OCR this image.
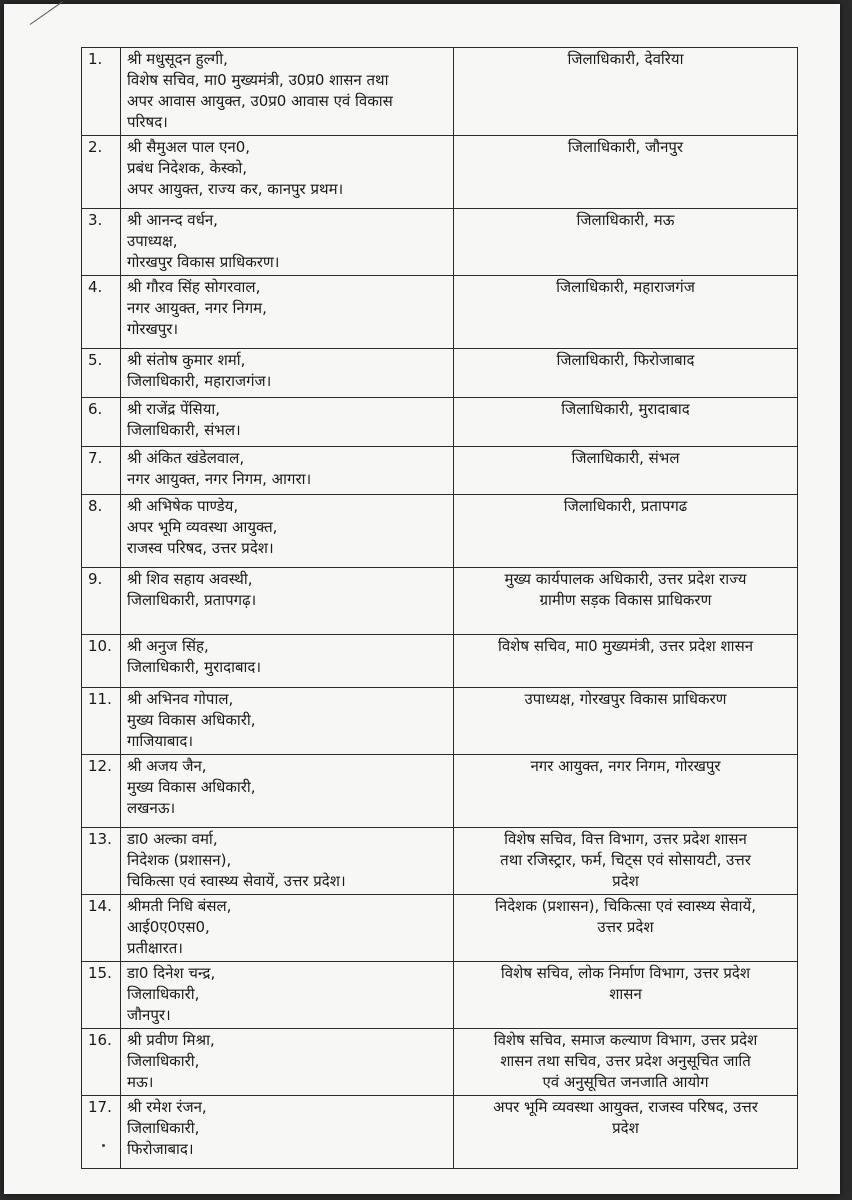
1.	श्री मधुसूदन हुल्गी,
विशेष सचिव, मा0 मुख्यमंत्री, उ0प्र0 शासन तथा
अपर आवास आयुक्त, उ0प्र0 आवास एवं विकास
परिषद।	जिलाधिकारी, देवरिया

2.	श्री सैमुअल पाल एन0,
प्रबंध निदेशक, केस्को,
अपर आयुक्त, राज्य कर, कानपुर प्रथम।	जिलाधिकारी, जौनपुर

3.	श्री आनन्द वर्धन,
उपाध्यक्ष,
गोरखपुर विकास प्राधिकरण।	जिलाधिकारी, मऊ

4.	श्री गौरव सिंह सोगरवाल,
नगर आयुक्त, नगर निगम,
गोरखपुर।	जिलाधिकारी, महाराजगंज

5.	श्री संतोष कुमार शर्मा,
जिलाधिकारी, महाराजगंज।	जिलाधिकारी, फिरोजाबाद

6.	श्री राजेंद्र पेंसिया,
जिलाधिकारी, संभल।	जिलाधिकारी, मुरादाबाद

7.	श्री अंकित खंडेलवाल,
नगर आयुक्त, नगर निगम, आगरा।	जिलाधिकारी, संभल

8.	श्री अभिषेक पाण्डेय,
अपर भूमि व्यवस्था आयुक्त,
राजस्व परिषद, उत्तर प्रदेश।	जिलाधिकारी, प्रतापगढ

9.	श्री शिव सहाय अवस्थी,
जिलाधिकारी, प्रतापगढ़।	मुख्य कार्यपालक अधिकारी, उत्तर प्रदेश राज्य
ग्रामीण सड़क विकास प्राधिकरण

10.	श्री अनुज सिंह,
जिलाधिकारी, मुरादाबाद।	विशेष सचिव, मा0 मुख्यमंत्री, उत्तर प्रदेश शासन

11.	श्री अभिनव गोपाल,
मुख्य विकास अधिकारी,
गाजियाबाद।	उपाध्यक्ष, गोरखपुर विकास प्राधिकरण

12.	श्री अजय जैन,
मुख्य विकास अधिकारी,
लखनऊ।	नगर आयुक्त, नगर निगम, गोरखपुर

13.	डा0 अल्का वर्मा,
निदेशक (प्रशासन),
चिकित्सा एवं स्वास्थ्य सेवायें, उत्तर प्रदेश।	विशेष सचिव, वित्त विभाग, उत्तर प्रदेश शासन
तथा रजिस्ट्रार, फर्म, चिट्स एवं सोसायटी, उत्तर
प्रदेश

14.	श्रीमती निधि बंसल,
आई0ए0एस0,
प्रतीक्षारत।	निदेशक (प्रशासन), चिकित्सा एवं स्वास्थ्य सेवायें,
उत्तर प्रदेश

15.	डा0 दिनेश चन्द्र,
जिलाधिकारी,
जौनपुर।	विशेष सचिव, लोक निर्माण विभाग, उत्तर प्रदेश
शासन

16.	श्री प्रवीण मिश्रा,
जिलाधिकारी,
मऊ।	विशेष सचिव, समाज कल्याण विभाग, उत्तर प्रदेश
शासन तथा सचिव, उत्तर प्रदेश अनुसूचित जाति
एवं अनुसूचित जनजाति आयोग

17.	श्री रमेश रंजन,
जिलाधिकारी,
फिरोजाबाद।	अपर भूमि व्यवस्था आयुक्त, राजस्व परिषद, उत्तर
प्रदेश
